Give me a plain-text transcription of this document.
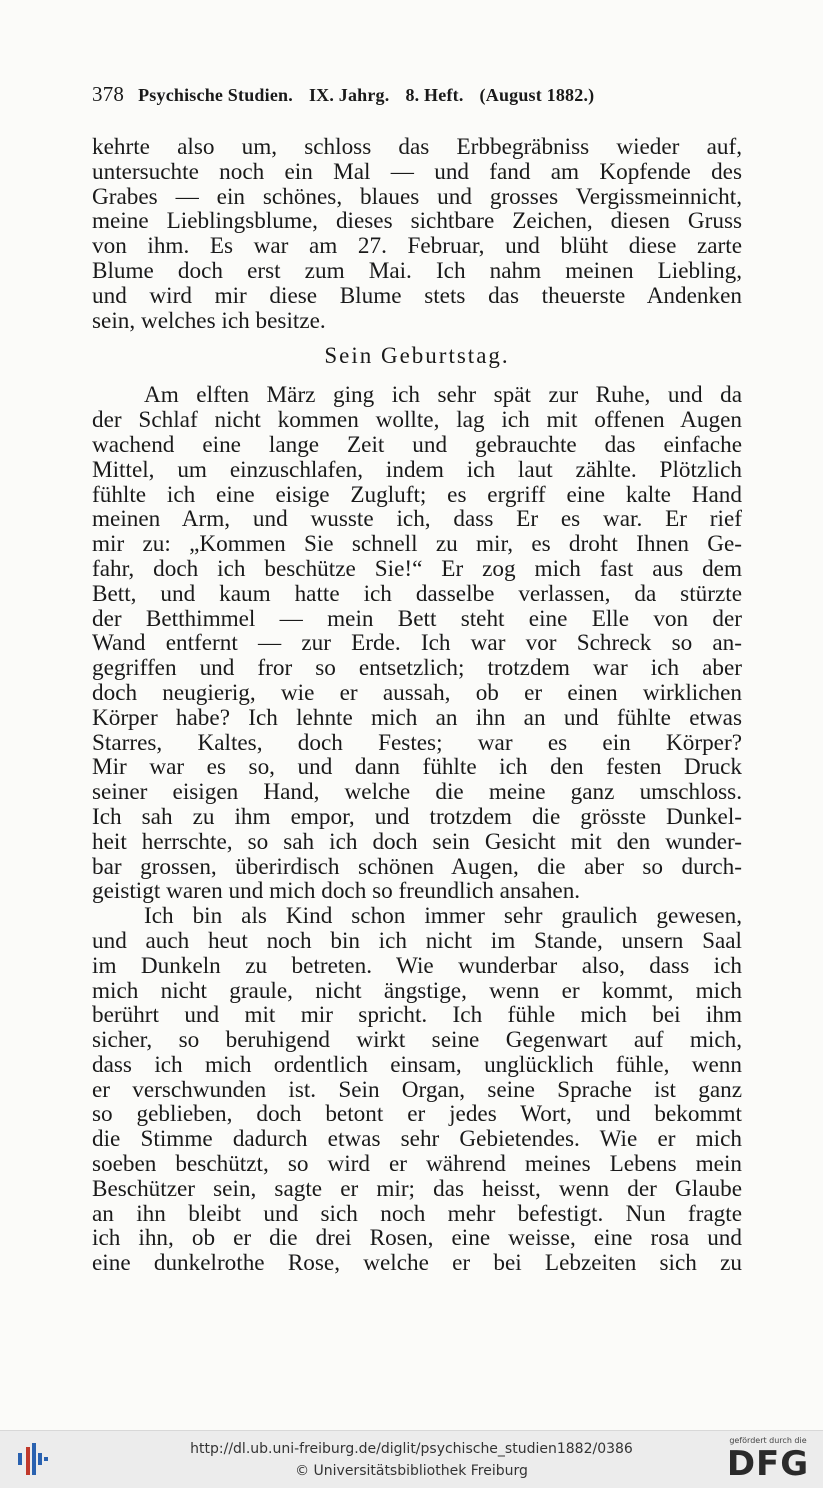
378 Psychische Studien. IX. Jahrg. 8. Heft. (August 1882.)
kehrte also um, schloss das Erbbegräbniss wieder auf,
untersuchte noch ein Mal — und fand am Kopfende des
Grabes — ein schönes, blaues und grosses Vergissmeinnicht,
meine Lieblingsblume, dieses sichtbare Zeichen, diesen Gruss
von ihm. Es war am 27. Februar, und blüht diese zarte
Blume doch erst zum Mai. Ich nahm meinen Liebling,
und wird mir diese Blume stets das theuerste Andenken
sein, welches ich besitze.
Sein Geburtstag.
Am elften März ging ich sehr spät zur Ruhe, und da
der Schlaf nicht kommen wollte, lag ich mit offenen Augen
wachend eine lange Zeit und gebrauchte das einfache
Mittel, um einzuschlafen, indem ich laut zählte. Plötzlich
fühlte ich eine eisige Zugluft; es ergriff eine kalte Hand
meinen Arm, und wusste ich, dass Er es war. Er rief
mir zu: „Kommen Sie schnell zu mir, es droht Ihnen Ge-
fahr, doch ich beschütze Sie!“ Er zog mich fast aus dem
Bett, und kaum hatte ich dasselbe verlassen, da stürzte
der Betthimmel — mein Bett steht eine Elle von der
Wand entfernt — zur Erde. Ich war vor Schreck so an-
gegriffen und fror so entsetzlich; trotzdem war ich aber
doch neugierig, wie er aussah, ob er einen wirklichen
Körper habe? Ich lehnte mich an ihn an und fühlte etwas
Starres, Kaltes, doch Festes; war es ein Körper?
Mir war es so, und dann fühlte ich den festen Druck
seiner eisigen Hand, welche die meine ganz umschloss.
Ich sah zu ihm empor, und trotzdem die grösste Dunkel-
heit herrschte, so sah ich doch sein Gesicht mit den wunder-
bar grossen, überirdisch schönen Augen, die aber so durch-
geistigt waren und mich doch so freundlich ansahen.
Ich bin als Kind schon immer sehr graulich gewesen,
und auch heut noch bin ich nicht im Stande, unsern Saal
im Dunkeln zu betreten. Wie wunderbar also, dass ich
mich nicht graule, nicht ängstige, wenn er kommt, mich
berührt und mit mir spricht. Ich fühle mich bei ihm
sicher, so beruhigend wirkt seine Gegenwart auf mich,
dass ich mich ordentlich einsam, unglücklich fühle, wenn
er verschwunden ist. Sein Organ, seine Sprache ist ganz
so geblieben, doch betont er jedes Wort, und bekommt
die Stimme dadurch etwas sehr Gebietendes. Wie er mich
soeben beschützt, so wird er während meines Lebens mein
Beschützer sein, sagte er mir; das heisst, wenn der Glaube
an ihn bleibt und sich noch mehr befestigt. Nun fragte
ich ihn, ob er die drei Rosen, eine weisse, eine rosa und
eine dunkelrothe Rose, welche er bei Lebzeiten sich zu
http://dl.ub.uni-freiburg.de/diglit/psychische_studien1882/0386
© Universitätsbibliothek Freiburg
gefördert durch die
DFG
